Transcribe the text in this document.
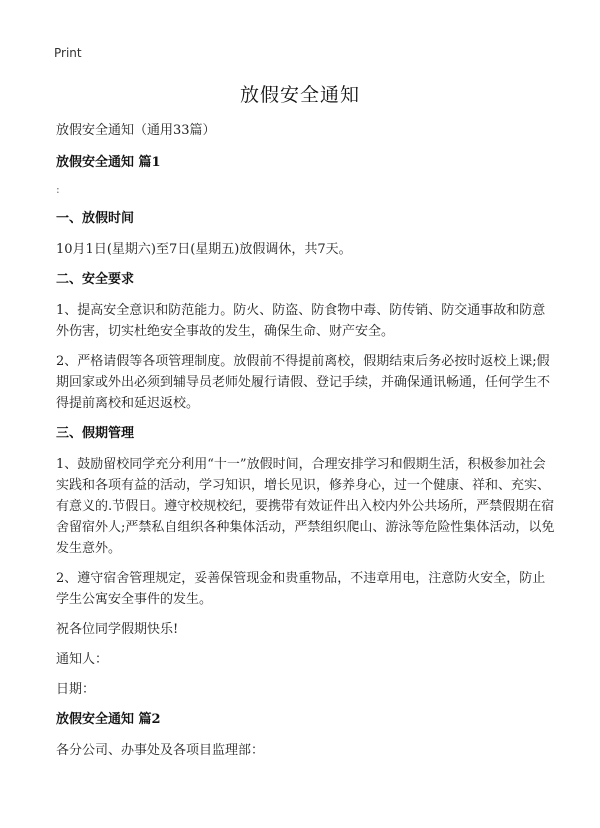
Print
放假安全通知

放假安全通知（通用33篇）

放假安全通知 篇1
:
一、放假时间

10月1日(星期六)至7日(星期五)放假调休，共7天。

二、安全要求

1、提高安全意识和防范能力。防火、防盗、防食物中毒、防传销、防交通事故和防意外伤害，切实杜绝安全事故的发生，确保生命、财产安全。

2、严格请假等各项管理制度。放假前不得提前离校，假期结束后务必按时返校上课;假期回家或外出必须到辅导员老师处履行请假、登记手续，并确保通讯畅通，任何学生不得提前离校和延迟返校。

三、假期管理

1、鼓励留校同学充分利用“十一”放假时间，合理安排学习和假期生活，积极参加社会实践和各项有益的活动，学习知识，增长见识，修养身心，过一个健康、祥和、充实、有意义的.节假日。遵守校规校纪，要携带有效证件出入校内外公共场所，严禁假期在宿舍留宿外人;严禁私自组织各种集体活动，严禁组织爬山、游泳等危险性集体活动，以免发生意外。

2、遵守宿舍管理规定，妥善保管现金和贵重物品，不违章用电，注意防火安全，防止学生公寓安全事件的发生。

祝各位同学假期快乐!

通知人：

日期：

放假安全通知 篇2

各分公司、办事处及各项目监理部：
